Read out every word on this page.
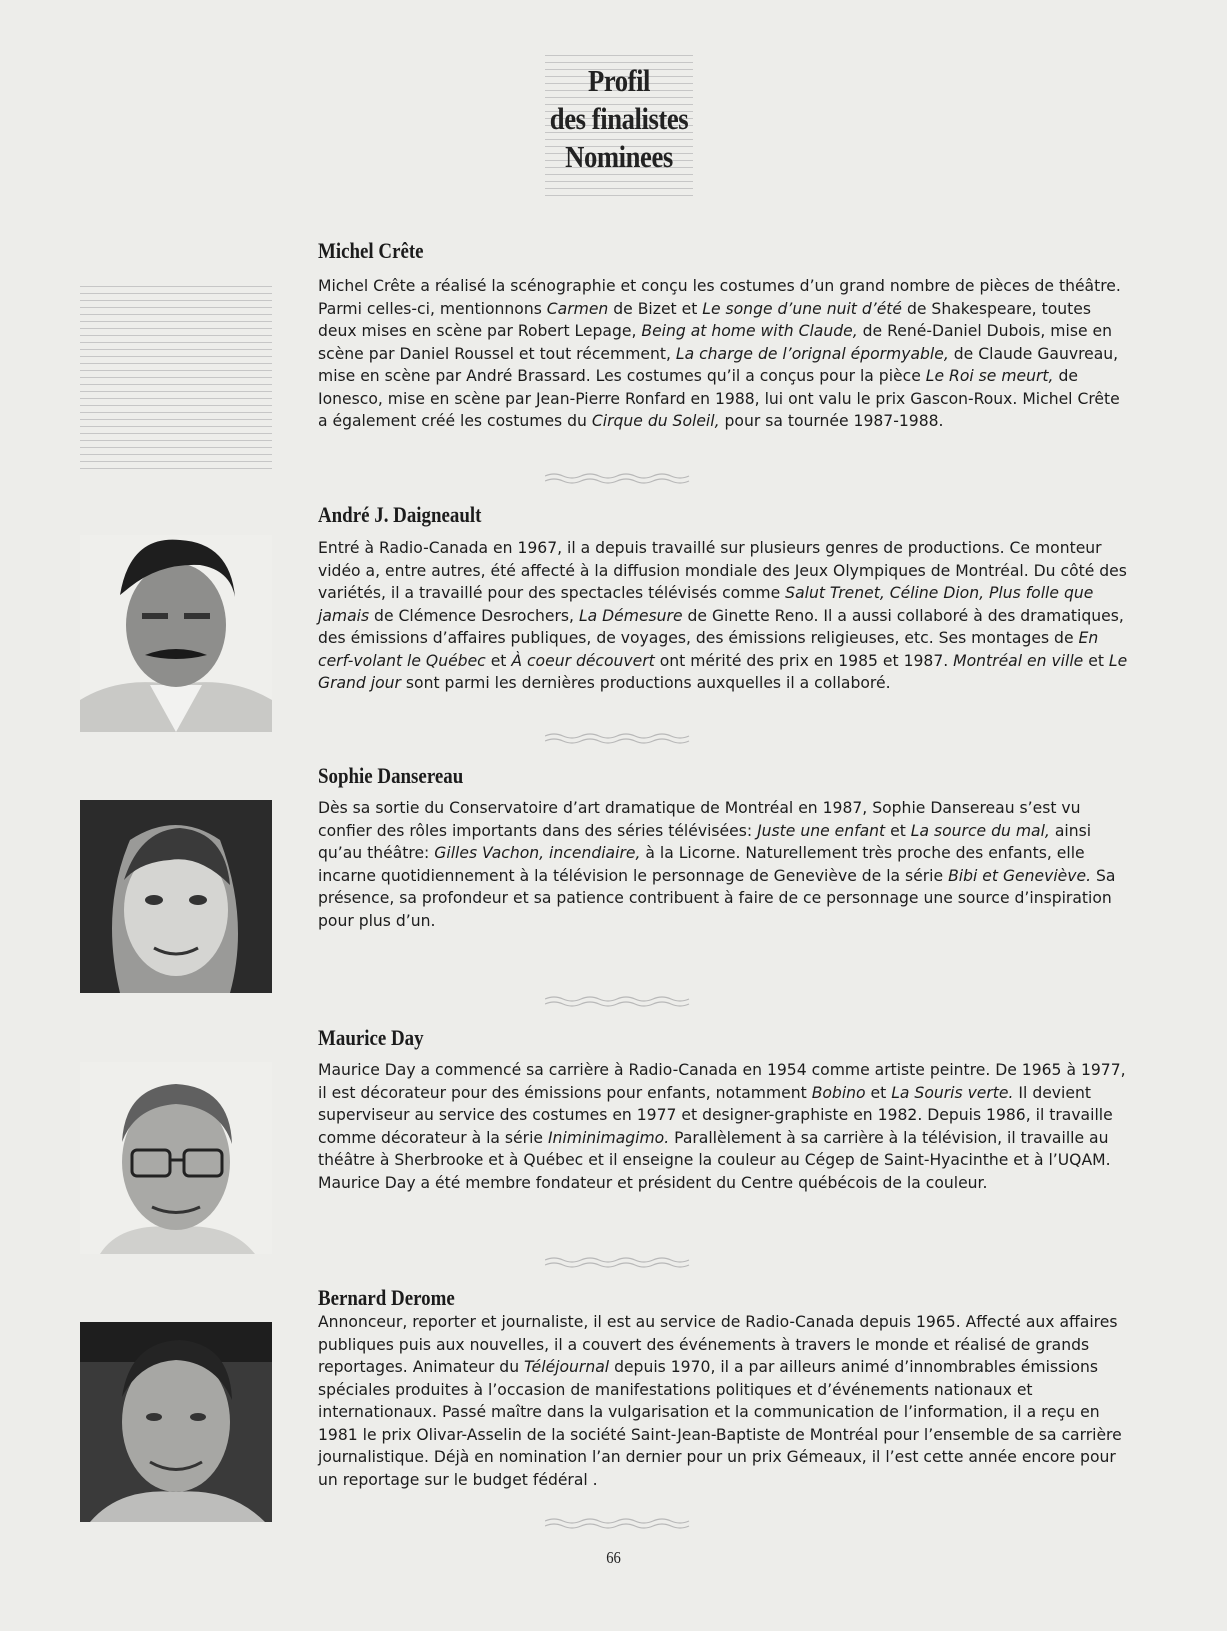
Profil
des finalistes
Nominees
Michel Crête

Michel Crête a réalisé la scénographie et conçu les costumes d’un grand nombre de pièces de théâtre. Parmi celles-ci, mentionnons Carmen de Bizet et Le songe d’une nuit d’été de Shakespeare, toutes deux mises en scène par Robert Lepage, Being at home with Claude, de René-Daniel Dubois, mise en scène par Daniel Roussel et tout récemment, La charge de l’orignal épormyable, de Claude Gauvreau, mise en scène par André Brassard. Les costumes qu’il a conçus pour la pièce Le Roi se meurt, de Ionesco, mise en scène par Jean-Pierre Ronfard en 1988, lui ont valu le prix Gascon-Roux. Michel Crête a également créé les costumes du Cirque du Soleil, pour sa tournée 1987-1988.

André J. Daigneault

Entré à Radio-Canada en 1967, il a depuis travaillé sur plusieurs genres de productions. Ce monteur vidéo a, entre autres, été affecté à la diffusion mondiale des Jeux Olympiques de Montréal. Du côté des variétés, il a travaillé pour des spectacles télévisés comme Salut Trenet, Céline Dion, Plus folle que jamais de Clémence Desrochers, La Démesure de Ginette Reno. Il a aussi collaboré à des dramatiques, des émissions d’affaires publiques, de voyages, des émissions religieuses, etc. Ses montages de En cerf-volant le Québec et À coeur découvert ont mérité des prix en 1985 et 1987. Montréal en ville et Le Grand jour sont parmi les dernières productions auxquelles il a collaboré.

Sophie Dansereau

Dès sa sortie du Conservatoire d’art dramatique de Montréal en 1987, Sophie Dansereau s’est vu confier des rôles importants dans des séries télévisées: Juste une enfant et La source du mal, ainsi qu’au théâtre: Gilles Vachon, incendiaire, à la Licorne. Naturellement très proche des enfants, elle incarne quotidiennement à la télévision le personnage de Geneviève de la série Bibi et Geneviève. Sa présence, sa profondeur et sa patience contribuent à faire de ce personnage une source d’inspiration pour plus d’un.

Maurice Day

Maurice Day a commencé sa carrière à Radio-Canada en 1954 comme artiste peintre. De 1965 à 1977, il est décorateur pour des émissions pour enfants, notamment Bobino et La Souris verte. Il devient superviseur au service des costumes en 1977 et designer-graphiste en 1982. Depuis 1986, il travaille comme décorateur à la série Iniminimagimo. Parallèlement à sa carrière à la télévision, il travaille au théâtre à Sherbrooke et à Québec et il enseigne la couleur au Cégep de Saint-Hyacinthe et à l’UQAM. Maurice Day a été membre fondateur et président du Centre québécois de la couleur.

Bernard Derome

Annonceur, reporter et journaliste, il est au service de Radio-Canada depuis 1965. Affecté aux affaires publiques puis aux nouvelles, il a couvert des événements à travers le monde et réalisé de grands reportages. Animateur du Téléjournal depuis 1970, il a par ailleurs animé d’innombrables émissions spéciales produites à l’occasion de manifestations politiques et d’événements nationaux et internationaux. Passé maître dans la vulgarisation et la communication de l’information, il a reçu en 1981 le prix Olivar-Asselin de la société Saint-Jean-Baptiste de Montréal pour l’ensemble de sa carrière journalistique. Déjà en nomination l’an dernier pour un prix Gémeaux, il l’est cette année encore pour un reportage sur le budget fédéral .

66
